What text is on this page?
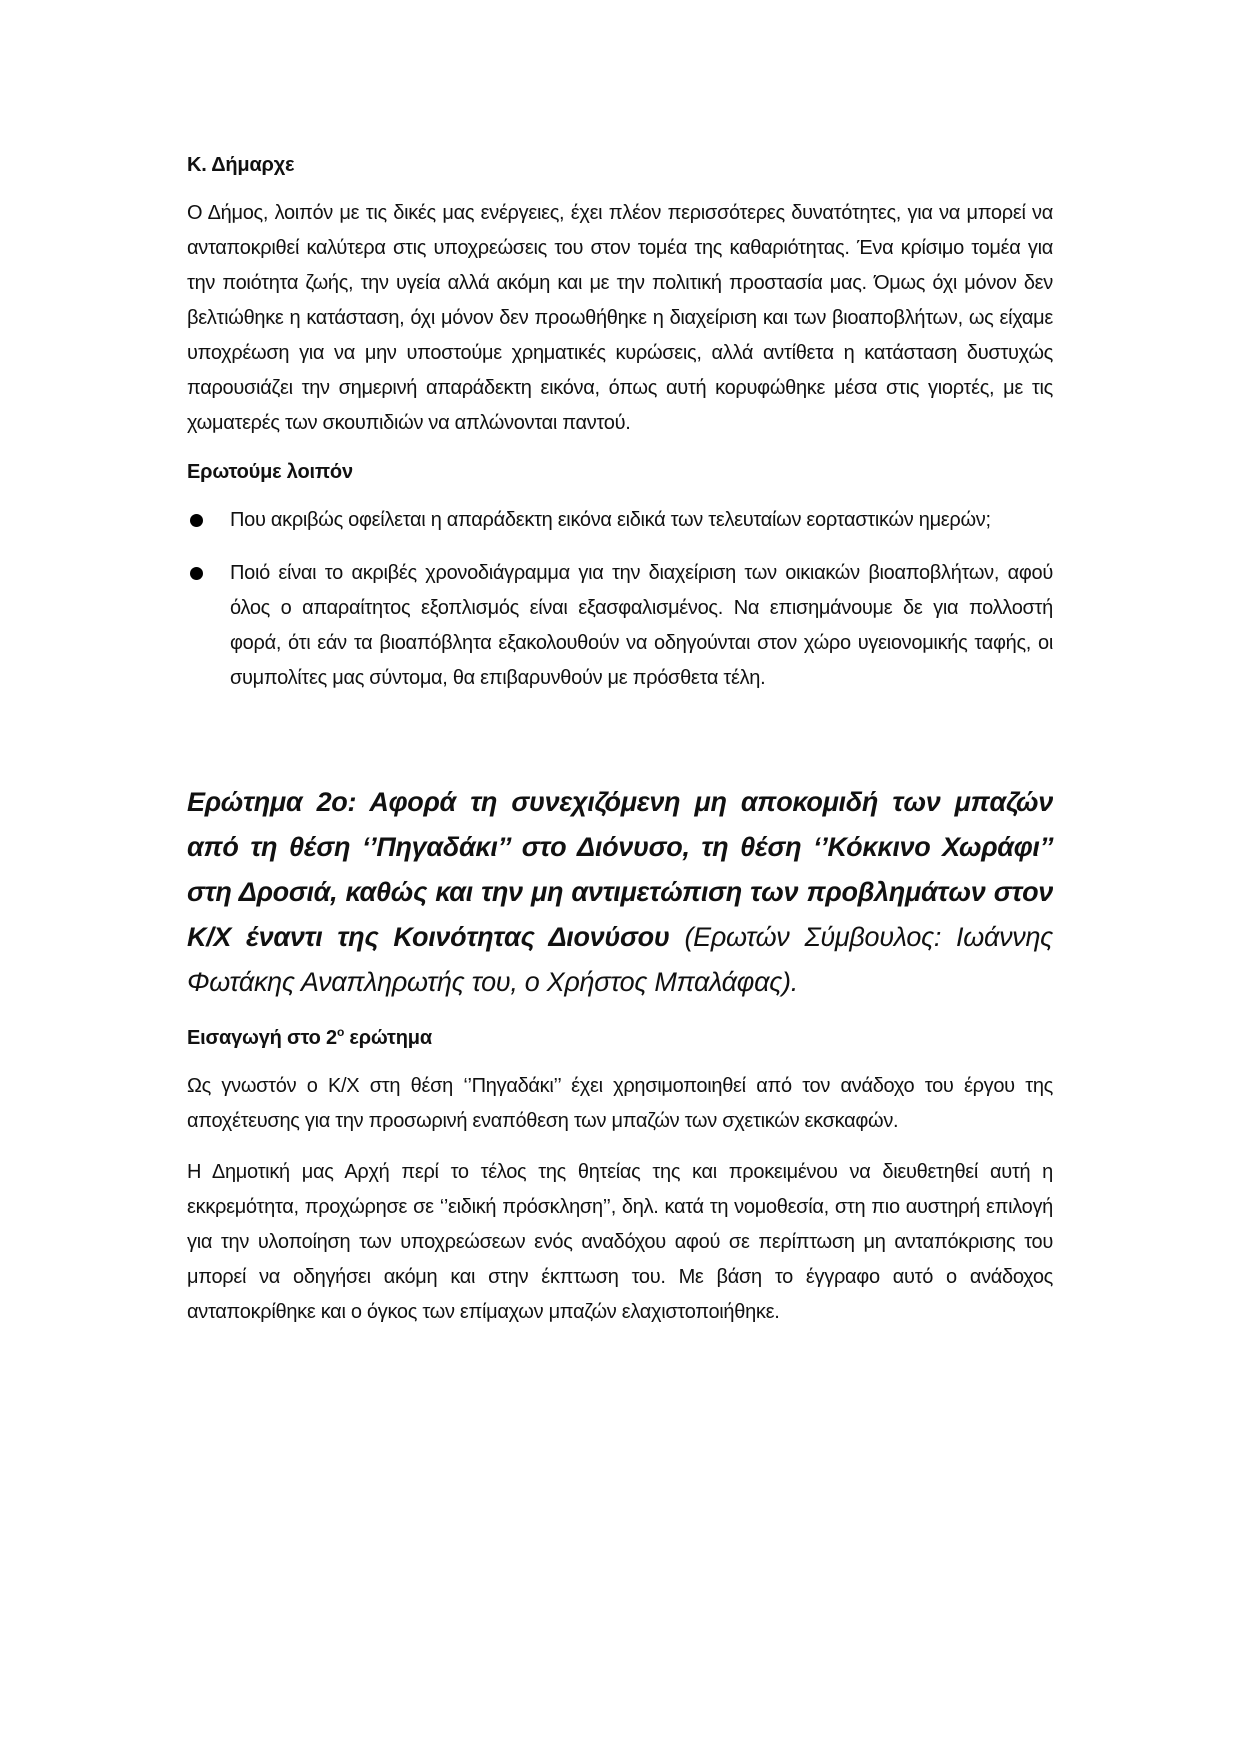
Κ. Δήμαρχε

Ο Δήμος, λοιπόν με τις δικές μας ενέργειες, έχει πλέον περισσότερες δυνατότητες, για να μπορεί να ανταποκριθεί καλύτερα στις υποχρεώσεις του στον τομέα της καθαριότητας. Ένα κρίσιμο τομέα για την ποιότητα ζωής, την υγεία αλλά ακόμη και με την πολιτική προστασία μας. Όμως όχι μόνον δεν βελτιώθηκε η κατάσταση, όχι μόνον δεν προωθήθηκε η διαχείριση και των βιοαποβλήτων, ως είχαμε υποχρέωση για να μην υποστούμε χρηματικές κυρώσεις, αλλά αντίθετα η κατάσταση δυστυχώς παρουσιάζει την σημερινή απαράδεκτη εικόνα, όπως αυτή κορυφώθηκε μέσα στις γιορτές, με τις χωματερές των σκουπιδιών να απλώνονται παντού.

Ερωτούμε λοιπόν

Που ακριβώς οφείλεται η απαράδεκτη εικόνα ειδικά των τελευταίων εορταστικών ημερών;
Ποιό είναι το ακριβές χρονοδιάγραμμα για την διαχείριση των οικιακών βιοαποβλήτων, αφού όλος ο απαραίτητος εξοπλισμός είναι εξασφαλισμένος. Να επισημάνουμε δε για πολλοστή φορά, ότι εάν τα βιοαπόβλητα εξακολουθούν να οδηγούνται στον χώρο υγειονομικής ταφής, οι συμπολίτες μας σύντομα, θα επιβαρυνθούν με πρόσθετα τέλη.

Ερώτημα 2ο: Αφορά τη συνεχιζόμενη μη αποκομιδή των μπαζών από τη θέση ‘’Πηγαδάκι’’ στο Διόνυσο, τη θέση ‘’Κόκκινο Χωράφι’’ στη Δροσιά, καθώς και την μη αντιμετώπιση των προβλημάτων στον Κ/Χ έναντι της Κοινότητας Διονύσου (Ερωτών Σύμβουλος: Ιωάννης Φωτάκης Αναπληρωτής του, ο Χρήστος Μπαλάφας).

Εισαγωγή στο $2^o$ ερώτημα

Ως γνωστόν ο Κ/Χ στη θέση ‘’Πηγαδάκι’’ έχει χρησιμοποιηθεί από τον ανάδοχο του έργου της αποχέτευσης για την προσωρινή εναπόθεση των μπαζών των σχετικών εκσκαφών.

Η Δημοτική μας Αρχή περί το τέλος της θητείας της και προκειμένου να διευθετηθεί αυτή η εκκρεμότητα, προχώρησε σε ‘’ειδική πρόσκληση’’, δηλ. κατά τη νομοθεσία, στη πιο αυστηρή επιλογή για την υλοποίηση των υποχρεώσεων ενός αναδόχου αφού σε περίπτωση μη ανταπόκρισης του μπορεί να οδηγήσει ακόμη και στην έκπτωση του. Με βάση το έγγραφο αυτό ο ανάδοχος ανταποκρίθηκε και ο όγκος των επίμαχων μπαζών ελαχιστοποιήθηκε.
